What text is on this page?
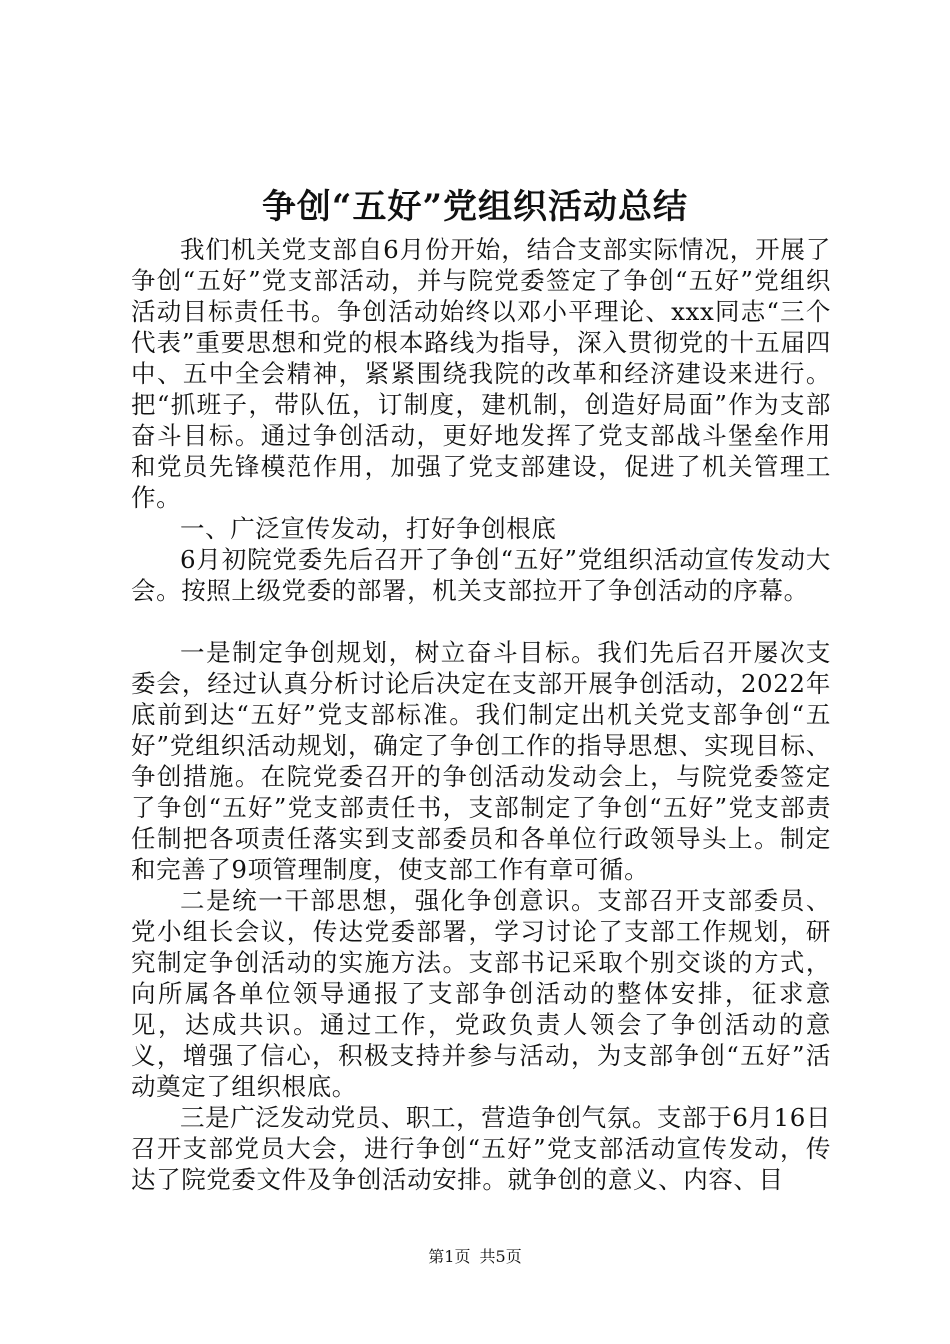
争创“五好”党组织活动总结

我们机关党支部自6月份开始，结合支部实际情况，开展了争创“五好”党支部活动，并与院党委签定了争创“五好”党组织活动目标责任书。争创活动始终以邓小平理论、xxx同志“三个代表”重要思想和党的根本路线为指导，深入贯彻党的十五届四中、五中全会精神，紧紧围绕我院的改革和经济建设来进行。把“抓班子，带队伍，订制度，建机制，创造好局面”作为支部奋斗目标。通过争创活动，更好地发挥了党支部战斗堡垒作用和党员先锋模范作用，加强了党支部建设，促进了机关管理工作。

一、广泛宣传发动，打好争创根底

6月初院党委先后召开了争创“五好”党组织活动宣传发动大会。按照上级党委的部署，机关支部拉开了争创活动的序幕。

一是制定争创规划，树立奋斗目标。我们先后召开屡次支委会，经过认真分析讨论后决定在支部开展争创活动，2022年底前到达“五好”党支部标准。我们制定出机关党支部争创“五好”党组织活动规划，确定了争创工作的指导思想、实现目标、争创措施。在院党委召开的争创活动发动会上，与院党委签定了争创“五好”党支部责任书，支部制定了争创“五好”党支部责任制把各项责任落实到支部委员和各单位行政领导头上。制定和完善了9项管理制度，使支部工作有章可循。

二是统一干部思想，强化争创意识。支部召开支部委员、党小组长会议，传达党委部署，学习讨论了支部工作规划，研究制定争创活动的实施方法。支部书记采取个别交谈的方式，向所属各单位领导通报了支部争创活动的整体安排，征求意见，达成共识。通过工作，党政负责人领会了争创活动的意义，增强了信心，积极支持并参与活动，为支部争创“五好”活动奠定了组织根底。

三是广泛发动党员、职工，营造争创气氛。支部于6月16日召开支部党员大会，进行争创“五好”党支部活动宣传发动，传达了院党委文件及争创活动安排。就争创的意义、内容、目

第1页 共5页
